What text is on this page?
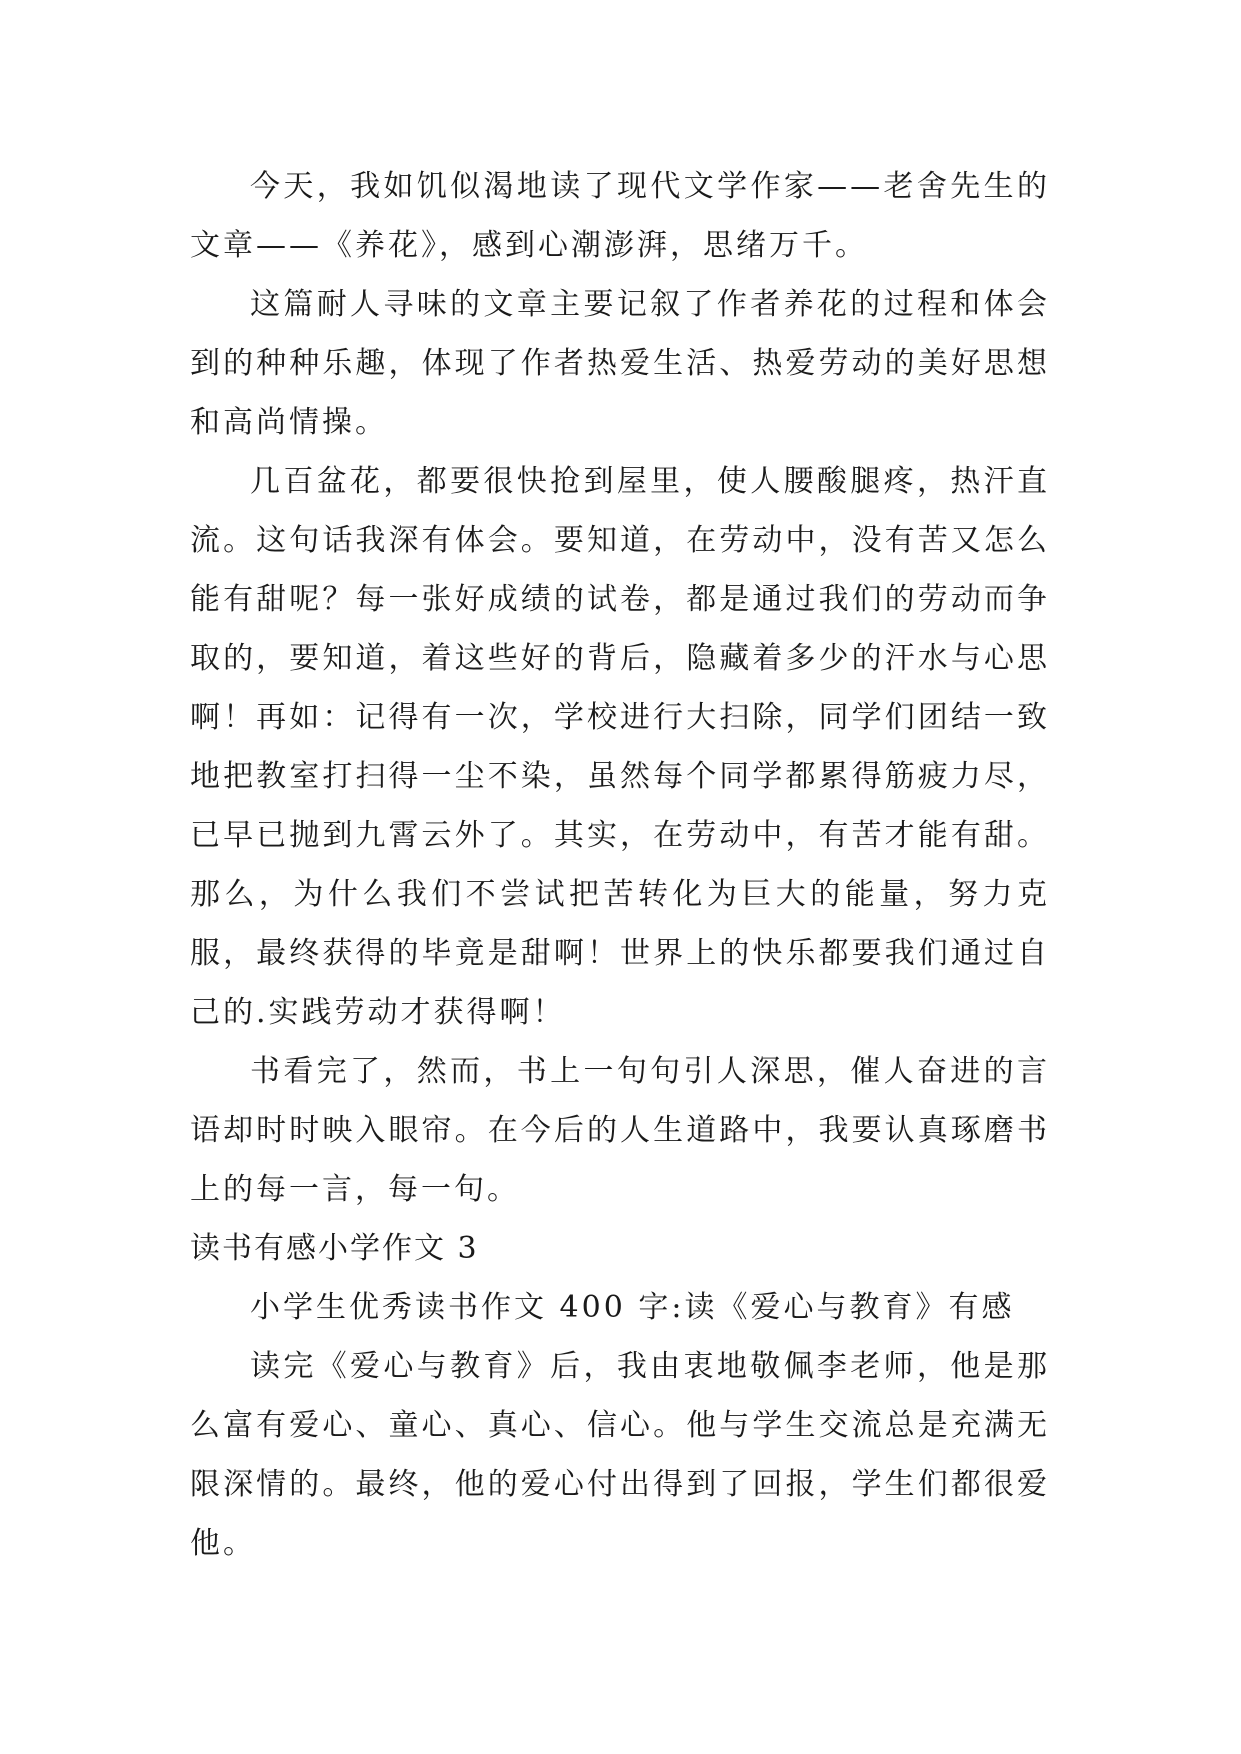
今天，我如饥似渴地读了现代文学作家——老舍先生的文章——《养花》，感到心潮澎湃，思绪万千。

这篇耐人寻味的文章主要记叙了作者养花的过程和体会到的种种乐趣，体现了作者热爱生活、热爱劳动的美好思想和高尚情操。

几百盆花，都要很快抢到屋里，使人腰酸腿疼，热汗直流。这句话我深有体会。要知道，在劳动中，没有苦又怎么能有甜呢？每一张好成绩的试卷，都是通过我们的劳动而争取的，要知道，着这些好的背后，隐藏着多少的汗水与心思啊！再如：记得有一次，学校进行大扫除，同学们团结一致地把教室打扫得一尘不染，虽然每个同学都累得筋疲力尽，已早已抛到九霄云外了。其实，在劳动中，有苦才能有甜。那么，为什么我们不尝试把苦转化为巨大的能量，努力克服，最终获得的毕竟是甜啊！世界上的快乐都要我们通过自己的.实践劳动才获得啊！

书看完了，然而，书上一句句引人深思，催人奋进的言语却时时映入眼帘。在今后的人生道路中，我要认真琢磨书上的每一言，每一句。

读书有感小学作文 3

小学生优秀读书作文 400 字:读《爱心与教育》有感

读完《爱心与教育》后，我由衷地敬佩李老师，他是那么富有爱心、童心、真心、信心。他与学生交流总是充满无限深情的。最终，他的爱心付出得到了回报，学生们都很爱他。
